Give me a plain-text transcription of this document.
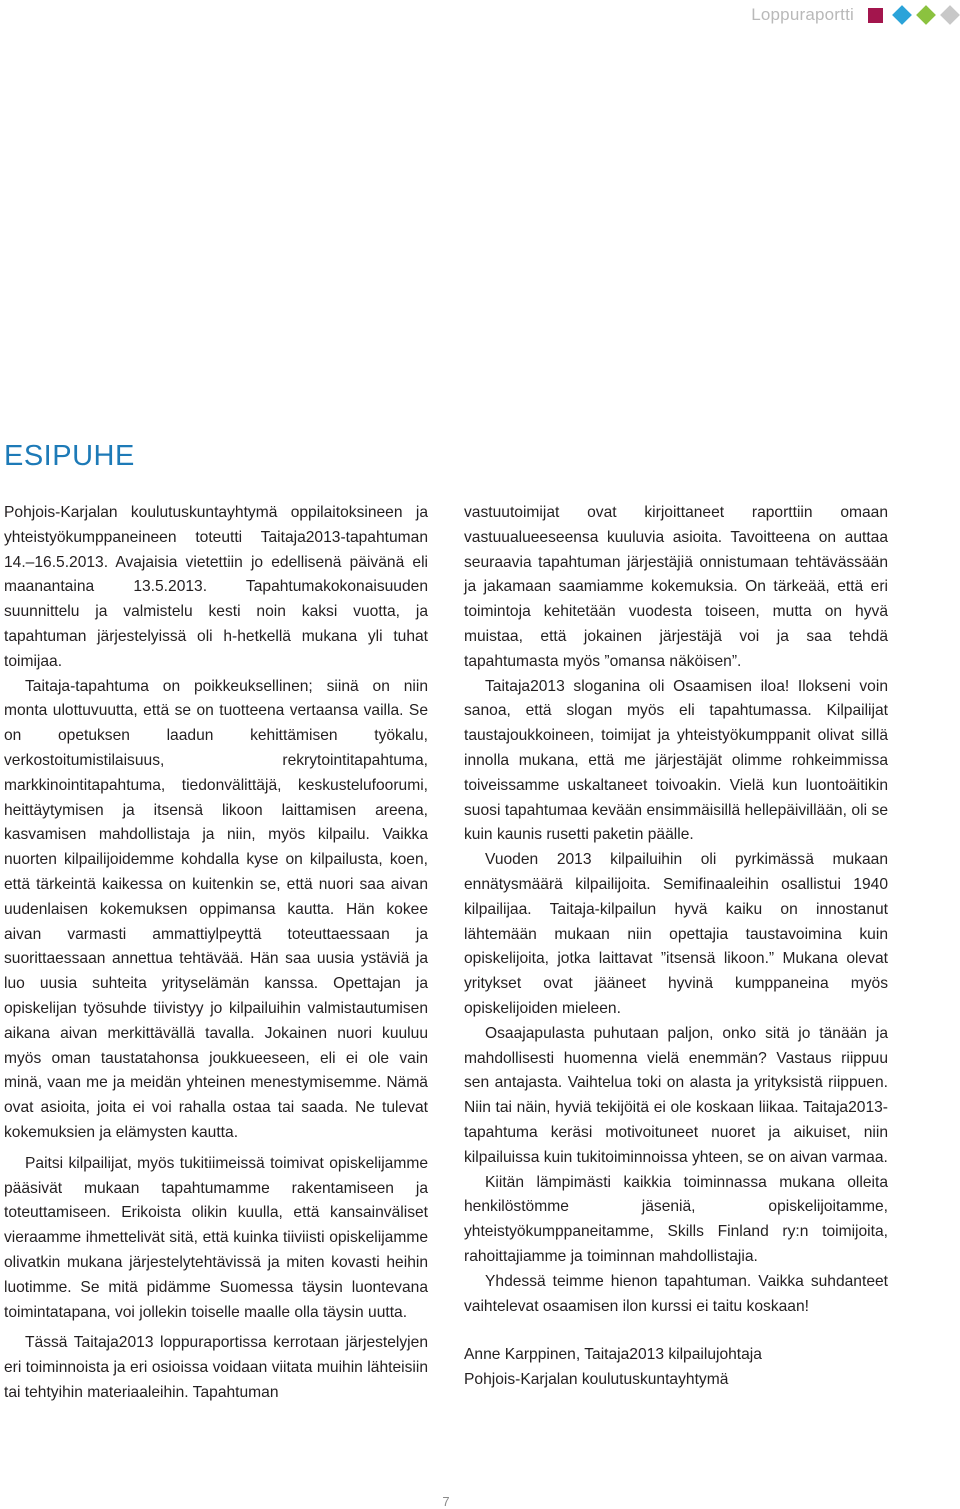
Loppuraportti
ESIPUHE

Pohjois-Karjalan koulutuskuntayhtymä oppilaitoksineen ja yhteistyökumppaneineen toteutti Taitaja2013-tapahtuman 14.–16.5.2013. Avajaisia vietettiin jo edellisenä päivänä eli maanantaina 13.5.2013. Tapahtumakokonaisuuden suunnittelu ja valmistelu kesti noin kaksi vuotta, ja tapahtuman järjestelyissä oli h-hetkellä mukana yli tuhat toimijaa.

Taitaja-tapahtuma on poikkeuksellinen; siinä on niin monta ulottuvuutta, että se on tuotteena vertaansa vailla. Se on opetuksen laadun kehittämisen työkalu, verkostoitumistilaisuus, rekrytointitapahtuma, markkinointitapahtuma, tiedonvälittäjä, keskustelufoorumi, heittäytymisen ja itsensä likoon laittamisen areena, kasvamisen mahdollistaja ja niin, myös kilpailu. Vaikka nuorten kilpailijoidemme kohdalla kyse on kilpailusta, koen, että tärkeintä kaikessa on kuitenkin se, että nuori saa aivan uudenlaisen kokemuksen oppimansa kautta. Hän kokee aivan varmasti ammattiylpeyttä toteuttaessaan ja suorittaessaan annettua tehtävää. Hän saa uusia ystäviä ja luo uusia suhteita yrityselämän kanssa. Opettajan ja opiskelijan työsuhde tiivistyy jo kilpailuihin valmistautumisen aikana aivan merkittävällä tavalla. Jokainen nuori kuuluu myös oman taustatahonsa joukkueeseen, eli ei ole vain minä, vaan me ja meidän yhteinen menestymisemme. Nämä ovat asioita, joita ei voi rahalla ostaa tai saada. Ne tulevat kokemuksien ja elämysten kautta.

Paitsi kilpailijat, myös tukitiimeissä toimivat opiskelijamme pääsivät mukaan tapahtumamme rakentamiseen ja toteuttamiseen. Erikoista olikin kuulla, että kansainväliset vieraamme ihmettelivät sitä, että kuinka tiiviisti opiskelijamme olivatkin mukana järjestelytehtävissä ja miten kovasti heihin luotimme. Se mitä pidämme Suomessa täysin luontevana toimintatapana, voi jollekin toiselle maalle olla täysin uutta.

Tässä Taitaja2013 loppuraportissa kerrotaan järjestelyjen eri toiminnoista ja eri osioissa voidaan viitata muihin lähteisiin tai tehtyihin materiaaleihin. Tapahtuman

vastuutoimijat ovat kirjoittaneet raporttiin omaan vastuualueeseensa kuuluvia asioita. Tavoitteena on auttaa seuraavia tapahtuman järjestäjiä onnistumaan tehtävässään ja jakamaan saamiamme kokemuksia. On tärkeää, että eri toimintoja kehitetään vuodesta toiseen, mutta on hyvä muistaa, että jokainen järjestäjä voi ja saa tehdä tapahtumasta myös ”omansa näköisen”.

Taitaja2013 sloganina oli Osaamisen iloa! Ilokseni voin sanoa, että slogan myös eli tapahtumassa. Kilpailijat taustajoukkoineen, toimijat ja yhteistyökumppanit olivat sillä innolla mukana, että me järjestäjät olimme rohkeimmissa toiveissamme uskaltaneet toivoakin. Vielä kun luontoäitikin suosi tapahtumaa kevään ensimmäisillä hellepäivillään, oli se kuin kaunis rusetti paketin päälle.

Vuoden 2013 kilpailuihin oli pyrkimässä mukaan ennätysmäärä kilpailijoita. Semifinaaleihin osallistui 1940 kilpailijaa. Taitaja-kilpailun hyvä kaiku on innostanut lähtemään mukaan niin opettajia taustavoimina kuin opiskelijoita, jotka laittavat ”itsensä likoon.” Mukana olevat yritykset ovat jääneet hyvinä kumppaneina myös opiskelijoiden mieleen.

Osaajapulasta puhutaan paljon, onko sitä jo tänään ja mahdollisesti huomenna vielä enemmän? Vastaus riippuu sen antajasta. Vaihtelua toki on alasta ja yrityksistä riippuen. Niin tai näin, hyviä tekijöitä ei ole koskaan liikaa. Taitaja2013-tapahtuma keräsi motivoituneet nuoret ja aikuiset, niin kilpailuissa kuin tukitoiminnoissa yhteen, se on aivan varmaa.

Kiitän lämpimästi kaikkia toiminnassa mukana olleita henkilöstömme jäseniä, opiskelijoitamme, yhteistyökumppaneitamme, Skills Finland ry:n toimijoita, rahoittajiamme ja toiminnan mahdollistajia.

Yhdessä teimme hienon tapahtuman. Vaikka suhdanteet vaihtelevat osaamisen ilon kurssi ei taitu koskaan!

Anne Karppinen, Taitaja2013 kilpailujohtaja
Pohjois-Karjalan koulutuskuntayhtymä
7
